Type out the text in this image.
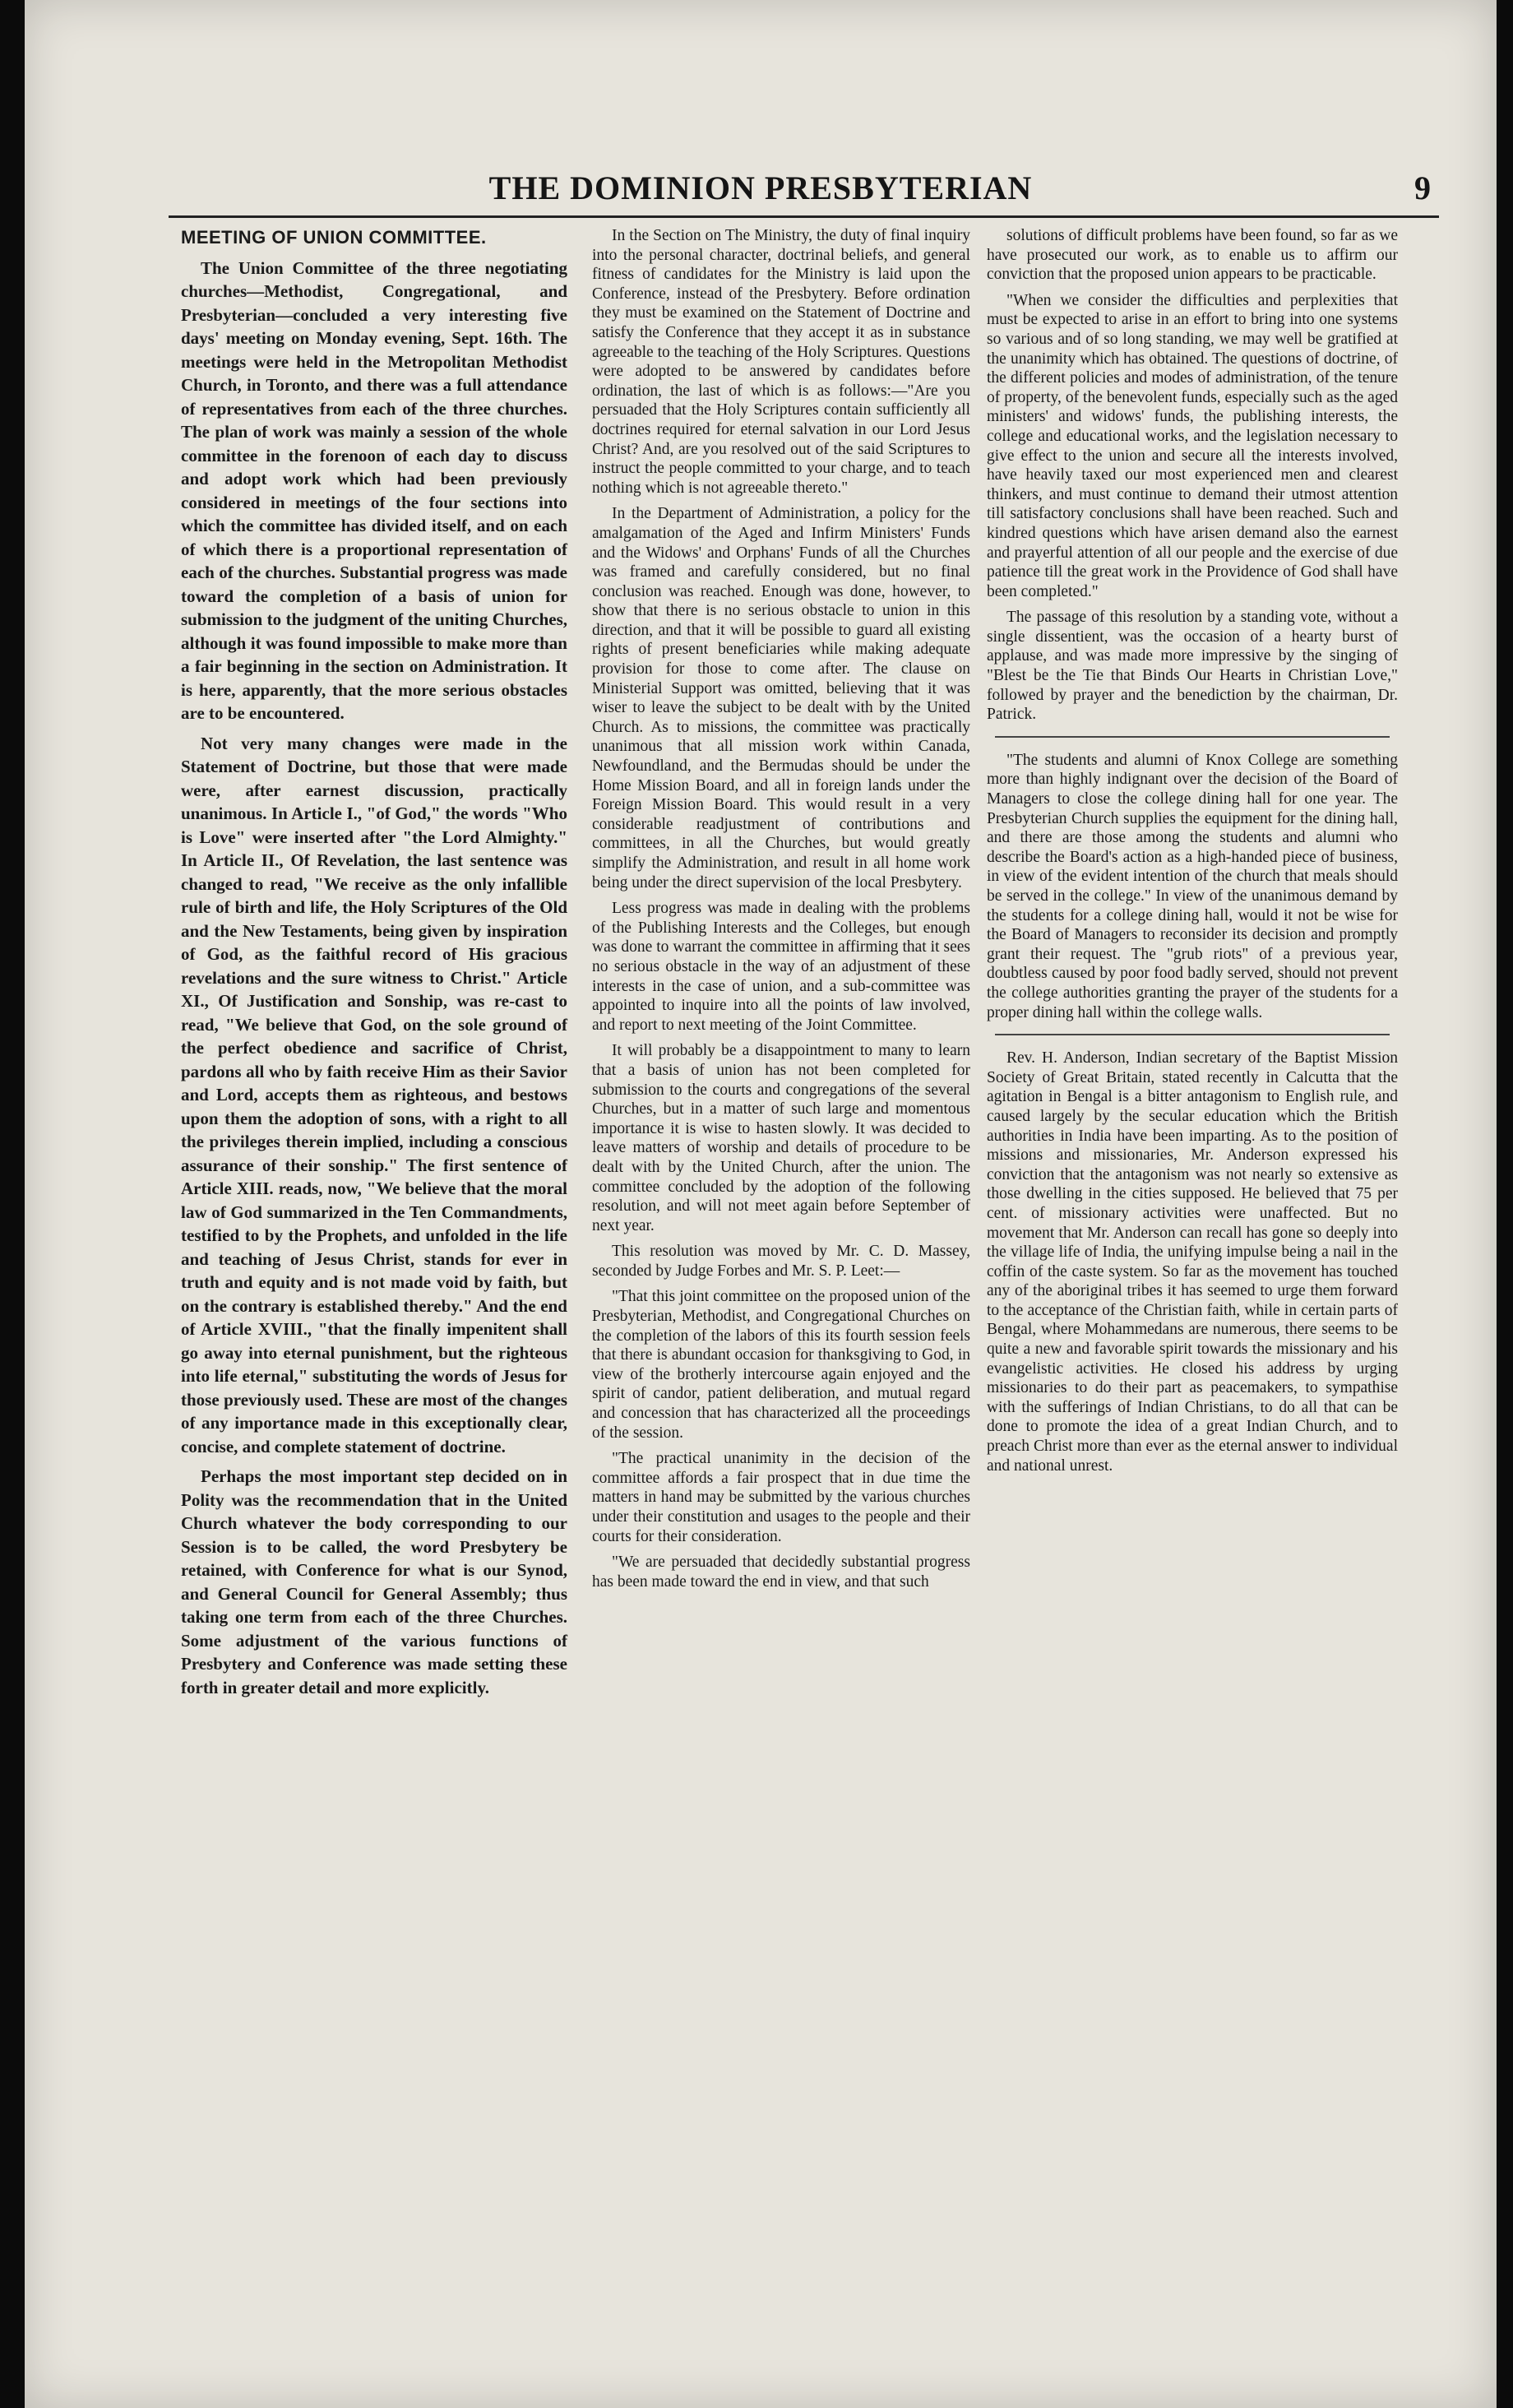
THE DOMINION PRESBYTERIAN	9
MEETING OF UNION COMMITTEE.

The Union Committee of the three negotiating churches—Methodist, Congregational, and Presbyterian—concluded a very interesting five days' meeting on Monday evening, Sept. 16th. The meetings were held in the Metropolitan Methodist Church, in Toronto, and there was a full attendance of representatives from each of the three churches. The plan of work was mainly a session of the whole committee in the forenoon of each day to discuss and adopt work which had been previously considered in meetings of the four sections into which the committee has divided itself, and on each of which there is a proportional representation of each of the churches. Substantial progress was made toward the completion of a basis of union for submission to the judgment of the uniting Churches, although it was found impossible to make more than a fair beginning in the section on Administration. It is here, apparently, that the more serious obstacles are to be encountered.

Not very many changes were made in the Statement of Doctrine, but those that were made were, after earnest discussion, practically unanimous. In Article I., "of God," the words "Who is Love" were inserted after "the Lord Almighty." In Article II., Of Revelation, the last sentence was changed to read, "We receive as the only infallible rule of birth and life, the Holy Scriptures of the Old and the New Testaments, being given by inspiration of God, as the faithful record of His gracious revelations and the sure witness to Christ." Article XI., Of Justification and Sonship, was re-cast to read, "We believe that God, on the sole ground of the perfect obedience and sacrifice of Christ, pardons all who by faith receive Him as their Savior and Lord, accepts them as righteous, and bestows upon them the adoption of sons, with a right to all the privileges therein implied, including a conscious assurance of their sonship." The first sentence of Article XIII. reads, now, "We believe that the moral law of God summarized in the Ten Commandments, testified to by the Prophets, and unfolded in the life and teaching of Jesus Christ, stands for ever in truth and equity and is not made void by faith, but on the contrary is established thereby." And the end of Article XVIII., "that the finally impenitent shall go away into eternal punishment, but the righteous into life eternal," substituting the words of Jesus for those previously used. These are most of the changes of any importance made in this exceptionally clear, concise, and complete statement of doctrine.

Perhaps the most important step decided on in Polity was the recommendation that in the United Church whatever the body corresponding to our Session is to be called, the word Presbytery be retained, with Conference for what is our Synod, and General Council for General Assembly; thus taking one term from each of the three Churches. Some adjustment of the various functions of Presbytery and Conference was made setting these forth in greater detail and more explicitly.

In the Section on The Ministry, the duty of final inquiry into the personal character, doctrinal beliefs, and general fitness of candidates for the Ministry is laid upon the Conference, instead of the Presbytery. Before ordination they must be examined on the Statement of Doctrine and satisfy the Conference that they accept it as in substance agreeable to the teaching of the Holy Scriptures. Questions were adopted to be answered by candidates before ordination, the last of which is as follows:—"Are you persuaded that the Holy Scriptures contain sufficiently all doctrines required for eternal salvation in our Lord Jesus Christ? And, are you resolved out of the said Scriptures to instruct the people committed to your charge, and to teach nothing which is not agreeable thereto."

In the Department of Administration, a policy for the amalgamation of the Aged and Infirm Ministers' Funds and the Widows' and Orphans' Funds of all the Churches was framed and carefully considered, but no final conclusion was reached. Enough was done, however, to show that there is no serious obstacle to union in this direction, and that it will be possible to guard all existing rights of present beneficiaries while making adequate provision for those to come after. The clause on Ministerial Support was omitted, believing that it was wiser to leave the subject to be dealt with by the United Church. As to missions, the committee was practically unanimous that all mission work within Canada, Newfoundland, and the Bermudas should be under the Home Mission Board, and all in foreign lands under the Foreign Mission Board. This would result in a very considerable readjustment of contributions and committees, in all the Churches, but would greatly simplify the Administration, and result in all home work being under the direct supervision of the local Presbytery.

Less progress was made in dealing with the problems of the Publishing Interests and the Colleges, but enough was done to warrant the committee in affirming that it sees no serious obstacle in the way of an adjustment of these interests in the case of union, and a sub-committee was appointed to inquire into all the points of law involved, and report to next meeting of the Joint Committee.

It will probably be a disappointment to many to learn that a basis of union has not been completed for submission to the courts and congregations of the several Churches, but in a matter of such large and momentous importance it is wise to hasten slowly. It was decided to leave matters of worship and details of procedure to be dealt with by the United Church, after the union. The committee concluded by the adoption of the following resolution, and will not meet again before September of next year.

This resolution was moved by Mr. C. D. Massey, seconded by Judge Forbes and Mr. S. P. Leet:—

"That this joint committee on the proposed union of the Presbyterian, Methodist, and Congregational Churches on the completion of the labors of this its fourth session feels that there is abundant occasion for thanksgiving to God, in view of the brotherly intercourse again enjoyed and the spirit of candor, patient deliberation, and mutual regard and concession that has characterized all the proceedings of the session.

"The practical unanimity in the decision of the committee affords a fair prospect that in due time the matters in hand may be submitted by the various churches under their constitution and usages to the people and their courts for their consideration.

"We are persuaded that decidedly substantial progress has been made toward the end in view, and that such

solutions of difficult problems have been found, so far as we have prosecuted our work, as to enable us to affirm our conviction that the proposed union appears to be practicable.

"When we consider the difficulties and perplexities that must be expected to arise in an effort to bring into one systems so various and of so long standing, we may well be gratified at the unanimity which has obtained. The questions of doctrine, of the different policies and modes of administration, of the tenure of property, of the benevolent funds, especially such as the aged ministers' and widows' funds, the publishing interests, the college and educational works, and the legislation necessary to give effect to the union and secure all the interests involved, have heavily taxed our most experienced men and clearest thinkers, and must continue to demand their utmost attention till satisfactory conclusions shall have been reached. Such and kindred questions which have arisen demand also the earnest and prayerful attention of all our people and the exercise of due patience till the great work in the Providence of God shall have been completed."

The passage of this resolution by a standing vote, without a single dissentient, was the occasion of a hearty burst of applause, and was made more impressive by the singing of "Blest be the Tie that Binds Our Hearts in Christian Love," followed by prayer and the benediction by the chairman, Dr. Patrick.

"The students and alumni of Knox College are something more than highly indignant over the decision of the Board of Managers to close the college dining hall for one year. The Presbyterian Church supplies the equipment for the dining hall, and there are those among the students and alumni who describe the Board's action as a high-handed piece of business, in view of the evident intention of the church that meals should be served in the college." In view of the unanimous demand by the students for a college dining hall, would it not be wise for the Board of Managers to reconsider its decision and promptly grant their request. The "grub riots" of a previous year, doubtless caused by poor food badly served, should not prevent the college authorities granting the prayer of the students for a proper dining hall within the college walls.

Rev. H. Anderson, Indian secretary of the Baptist Mission Society of Great Britain, stated recently in Calcutta that the agitation in Bengal is a bitter antagonism to English rule, and caused largely by the secular education which the British authorities in India have been imparting. As to the position of missions and missionaries, Mr. Anderson expressed his conviction that the antagonism was not nearly so extensive as those dwelling in the cities supposed. He believed that 75 per cent. of missionary activities were unaffected. But no movement that Mr. Anderson can recall has gone so deeply into the village life of India, the unifying impulse being a nail in the coffin of the caste system. So far as the movement has touched any of the aboriginal tribes it has seemed to urge them forward to the acceptance of the Christian faith, while in certain parts of Bengal, where Mohammedans are numerous, there seems to be quite a new and favorable spirit towards the missionary and his evangelistic activities. He closed his address by urging missionaries to do their part as peacemakers, to sympathise with the sufferings of Indian Christians, to do all that can be done to promote the idea of a great Indian Church, and to preach Christ more than ever as the eternal answer to individual and national unrest.
